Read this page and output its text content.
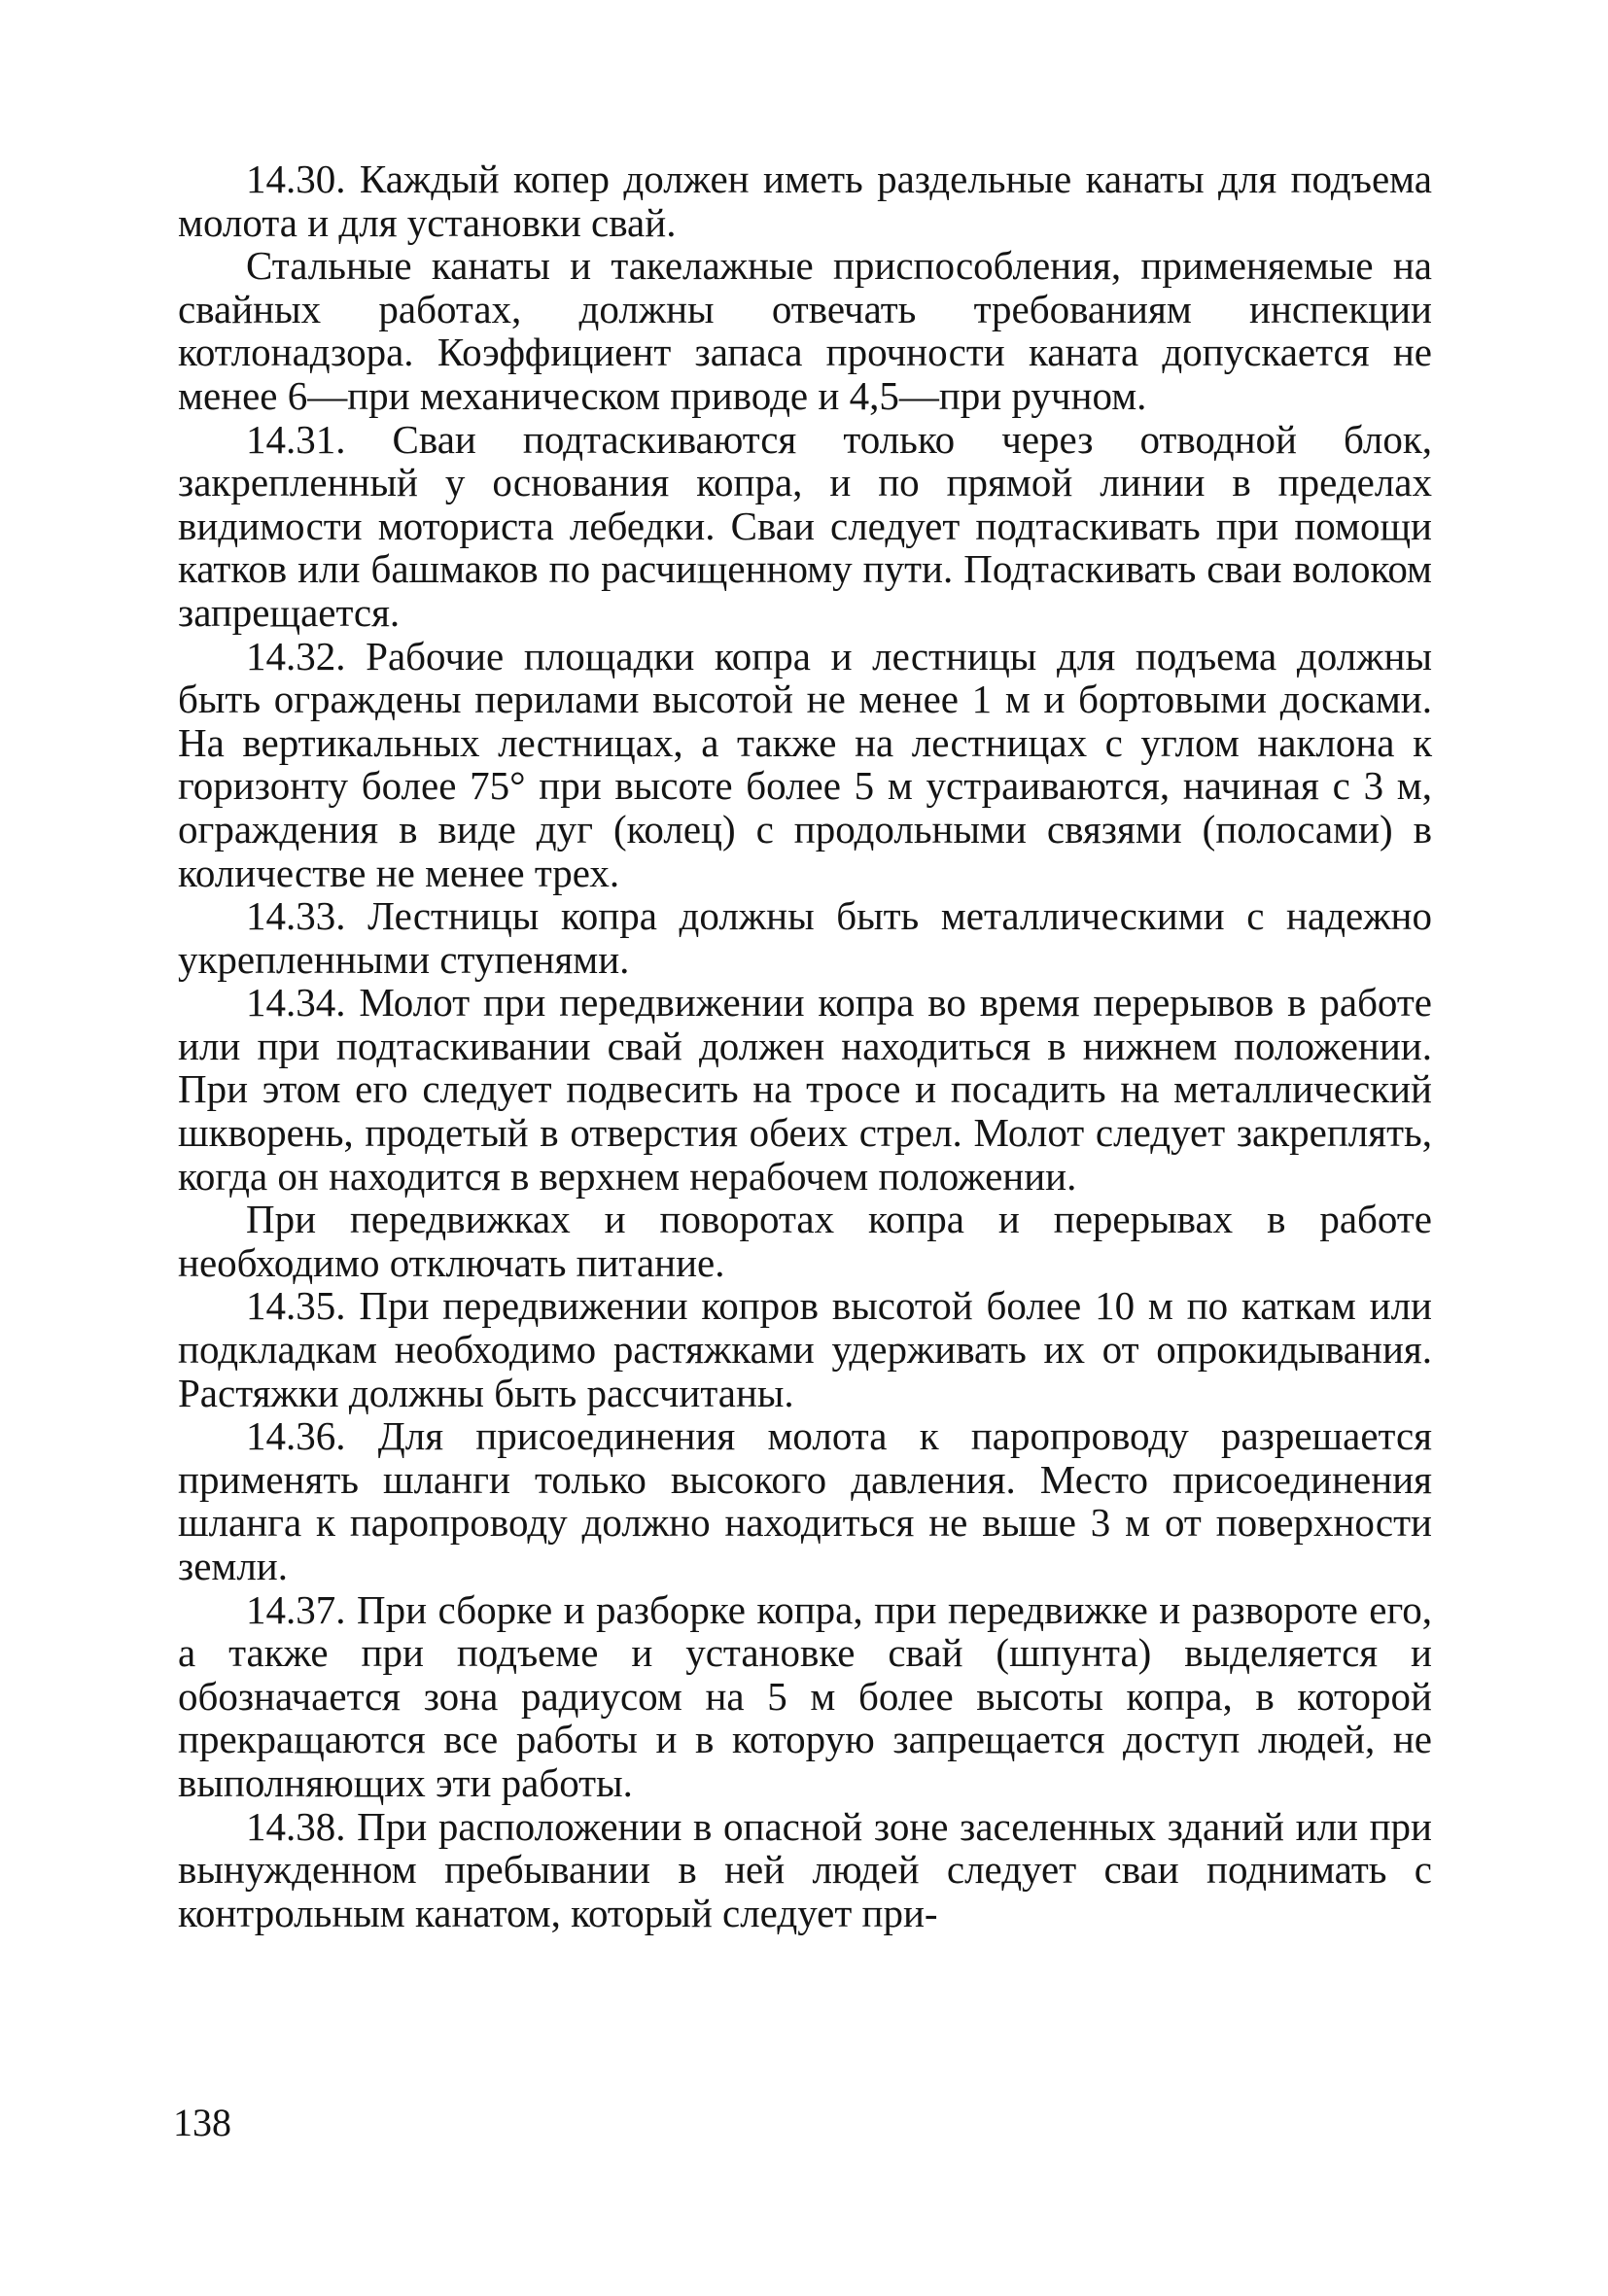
14.30. Каждый копер должен иметь раздельные канаты для подъема молота и для установки свай.

Стальные канаты и такелажные приспособления, применяемые на свайных работах, должны отвечать требованиям инспекции котлонадзора. Коэффициент запаса прочности каната допускается не менее 6—при механическом приводе и 4,5—при ручном.

14.31. Сваи подтаскиваются только через отводной блок, закрепленный у основания копра, и по прямой линии в пределах видимости моториста лебедки. Сваи следует подтаскивать при помощи катков или башмаков по расчищенному пути. Подтаскивать сваи волоком запрещается.

14.32. Рабочие площадки копра и лестницы для подъема должны быть ограждены перилами высотой не менее 1 м и бортовыми досками. На вертикальных лестницах, а также на лестницах с углом наклона к горизонту более 75° при высоте более 5 м устраиваются, начиная с 3 м, ограждения в виде дуг (колец) с продольными связями (полосами) в количестве не менее трех.

14.33. Лестницы копра должны быть металлическими с надежно укрепленными ступенями.

14.34. Молот при передвижении копра во время перерывов в работе или при подтаскивании свай должен находиться в нижнем положении. При этом его следует подвесить на тросе и посадить на металлический шкворень, продетый в отверстия обеих стрел. Молот следует закреплять, когда он находится в верхнем нерабочем положении.

При передвижках и поворотах копра и перерывах в работе необходимо отключать питание.

14.35. При передвижении копров высотой более 10 м по каткам или подкладкам необходимо растяжками удерживать их от опрокидывания. Растяжки должны быть рассчитаны.

14.36. Для присоединения молота к паропроводу разрешается применять шланги только высокого давления. Место присоединения шланга к паропроводу должно находиться не выше 3 м от поверхности земли.

14.37. При сборке и разборке копра, при передвижке и развороте его, а также при подъеме и установке свай (шпунта) выделяется и обозначается зона радиусом на 5 м более высоты копра, в которой прекращаются все работы и в которую запрещается доступ людей, не выполняющих эти работы.

14.38. При расположении в опасной зоне заселенных зданий или при вынужденном пребывании в ней людей следует сваи поднимать с контрольным канатом, который следует при-

138
